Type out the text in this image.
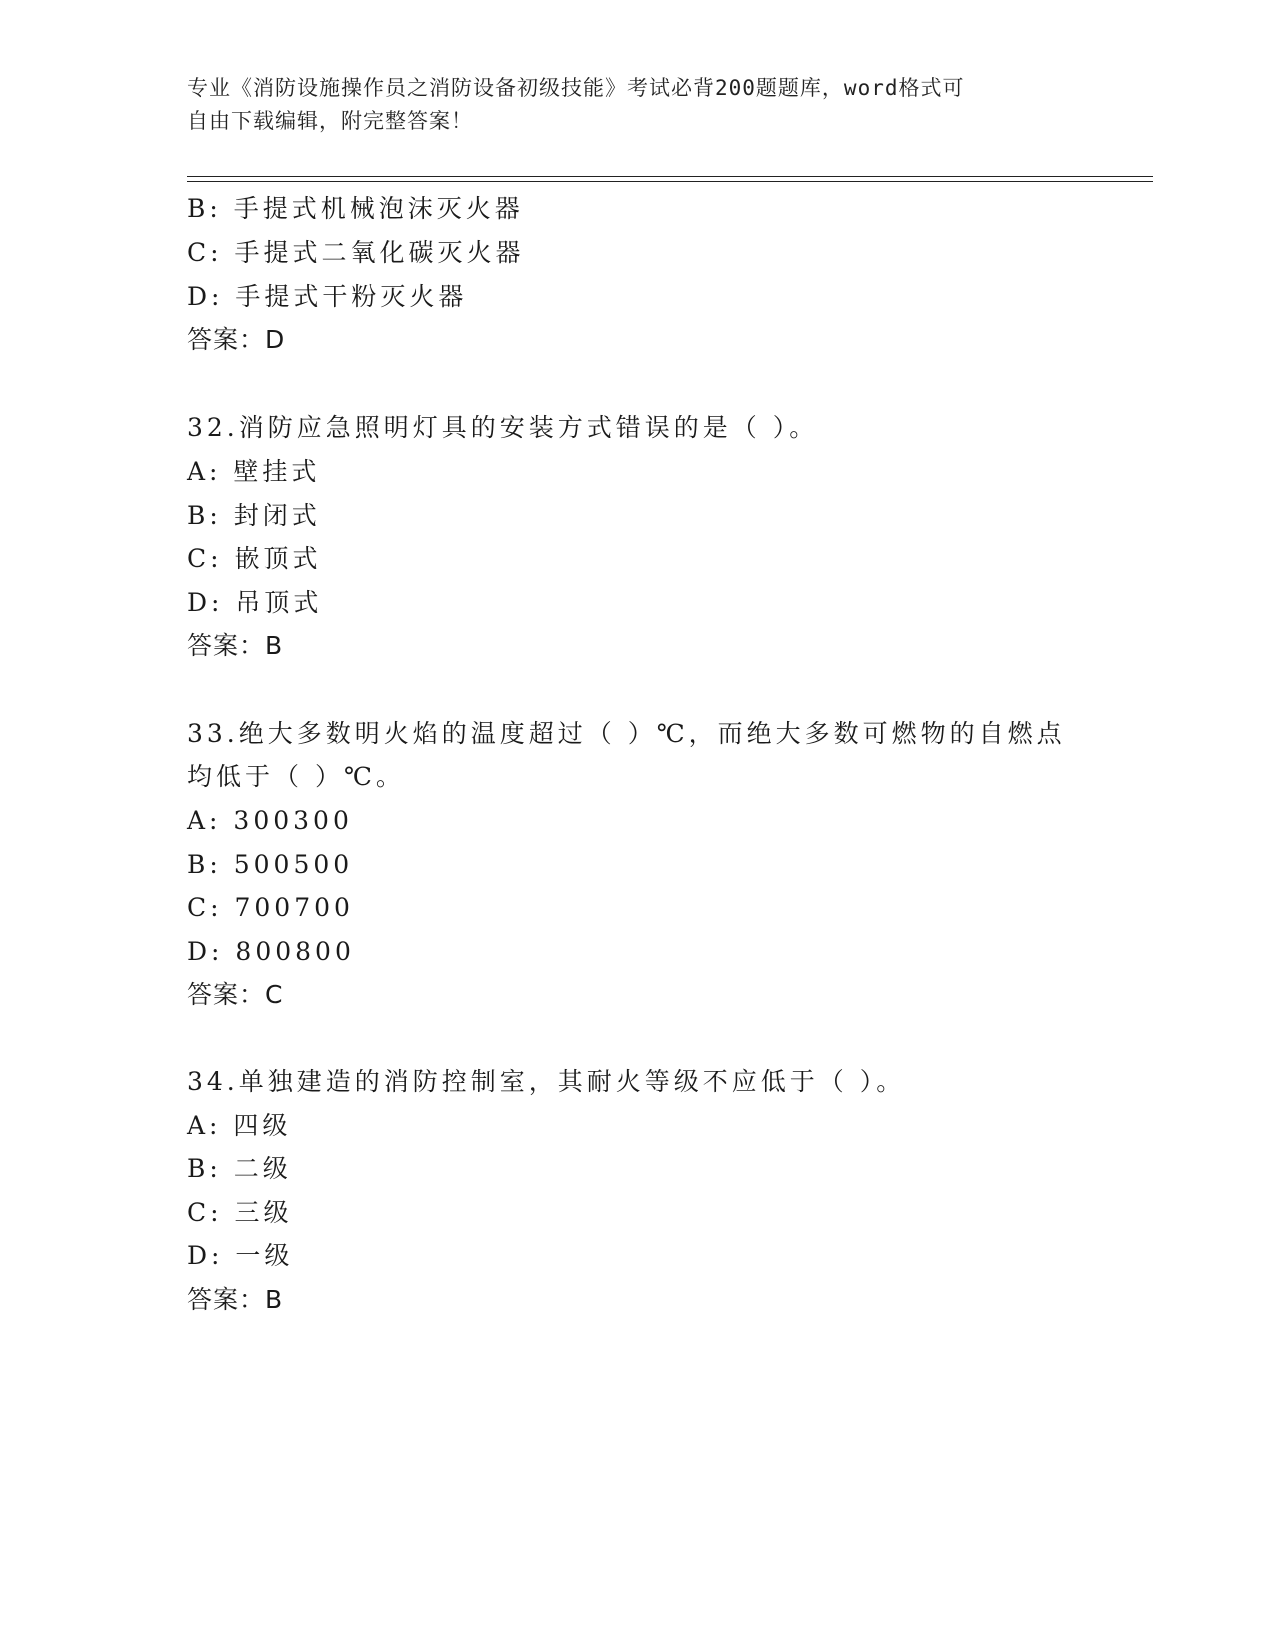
专业《消防设施操作员之消防设备初级技能》考试必背200题题库，word格式可
自由下载编辑，附完整答案！
B: 手提式机械泡沫灭火器
C: 手提式二氧化碳灭火器
D: 手提式干粉灭火器
答案：D
32.消防应急照明灯具的安装方式错误的是（ ）。
A: 壁挂式
B: 封闭式
C: 嵌顶式
D: 吊顶式
答案：B
33.绝大多数明火焰的温度超过（ ）℃，而绝大多数可燃物的自燃点
均低于（ ）℃。
A: 300300
B: 500500
C: 700700
D: 800800
答案：C
34.单独建造的消防控制室，其耐火等级不应低于（ ）。
A: 四级
B: 二级
C: 三级
D: 一级
答案：B
